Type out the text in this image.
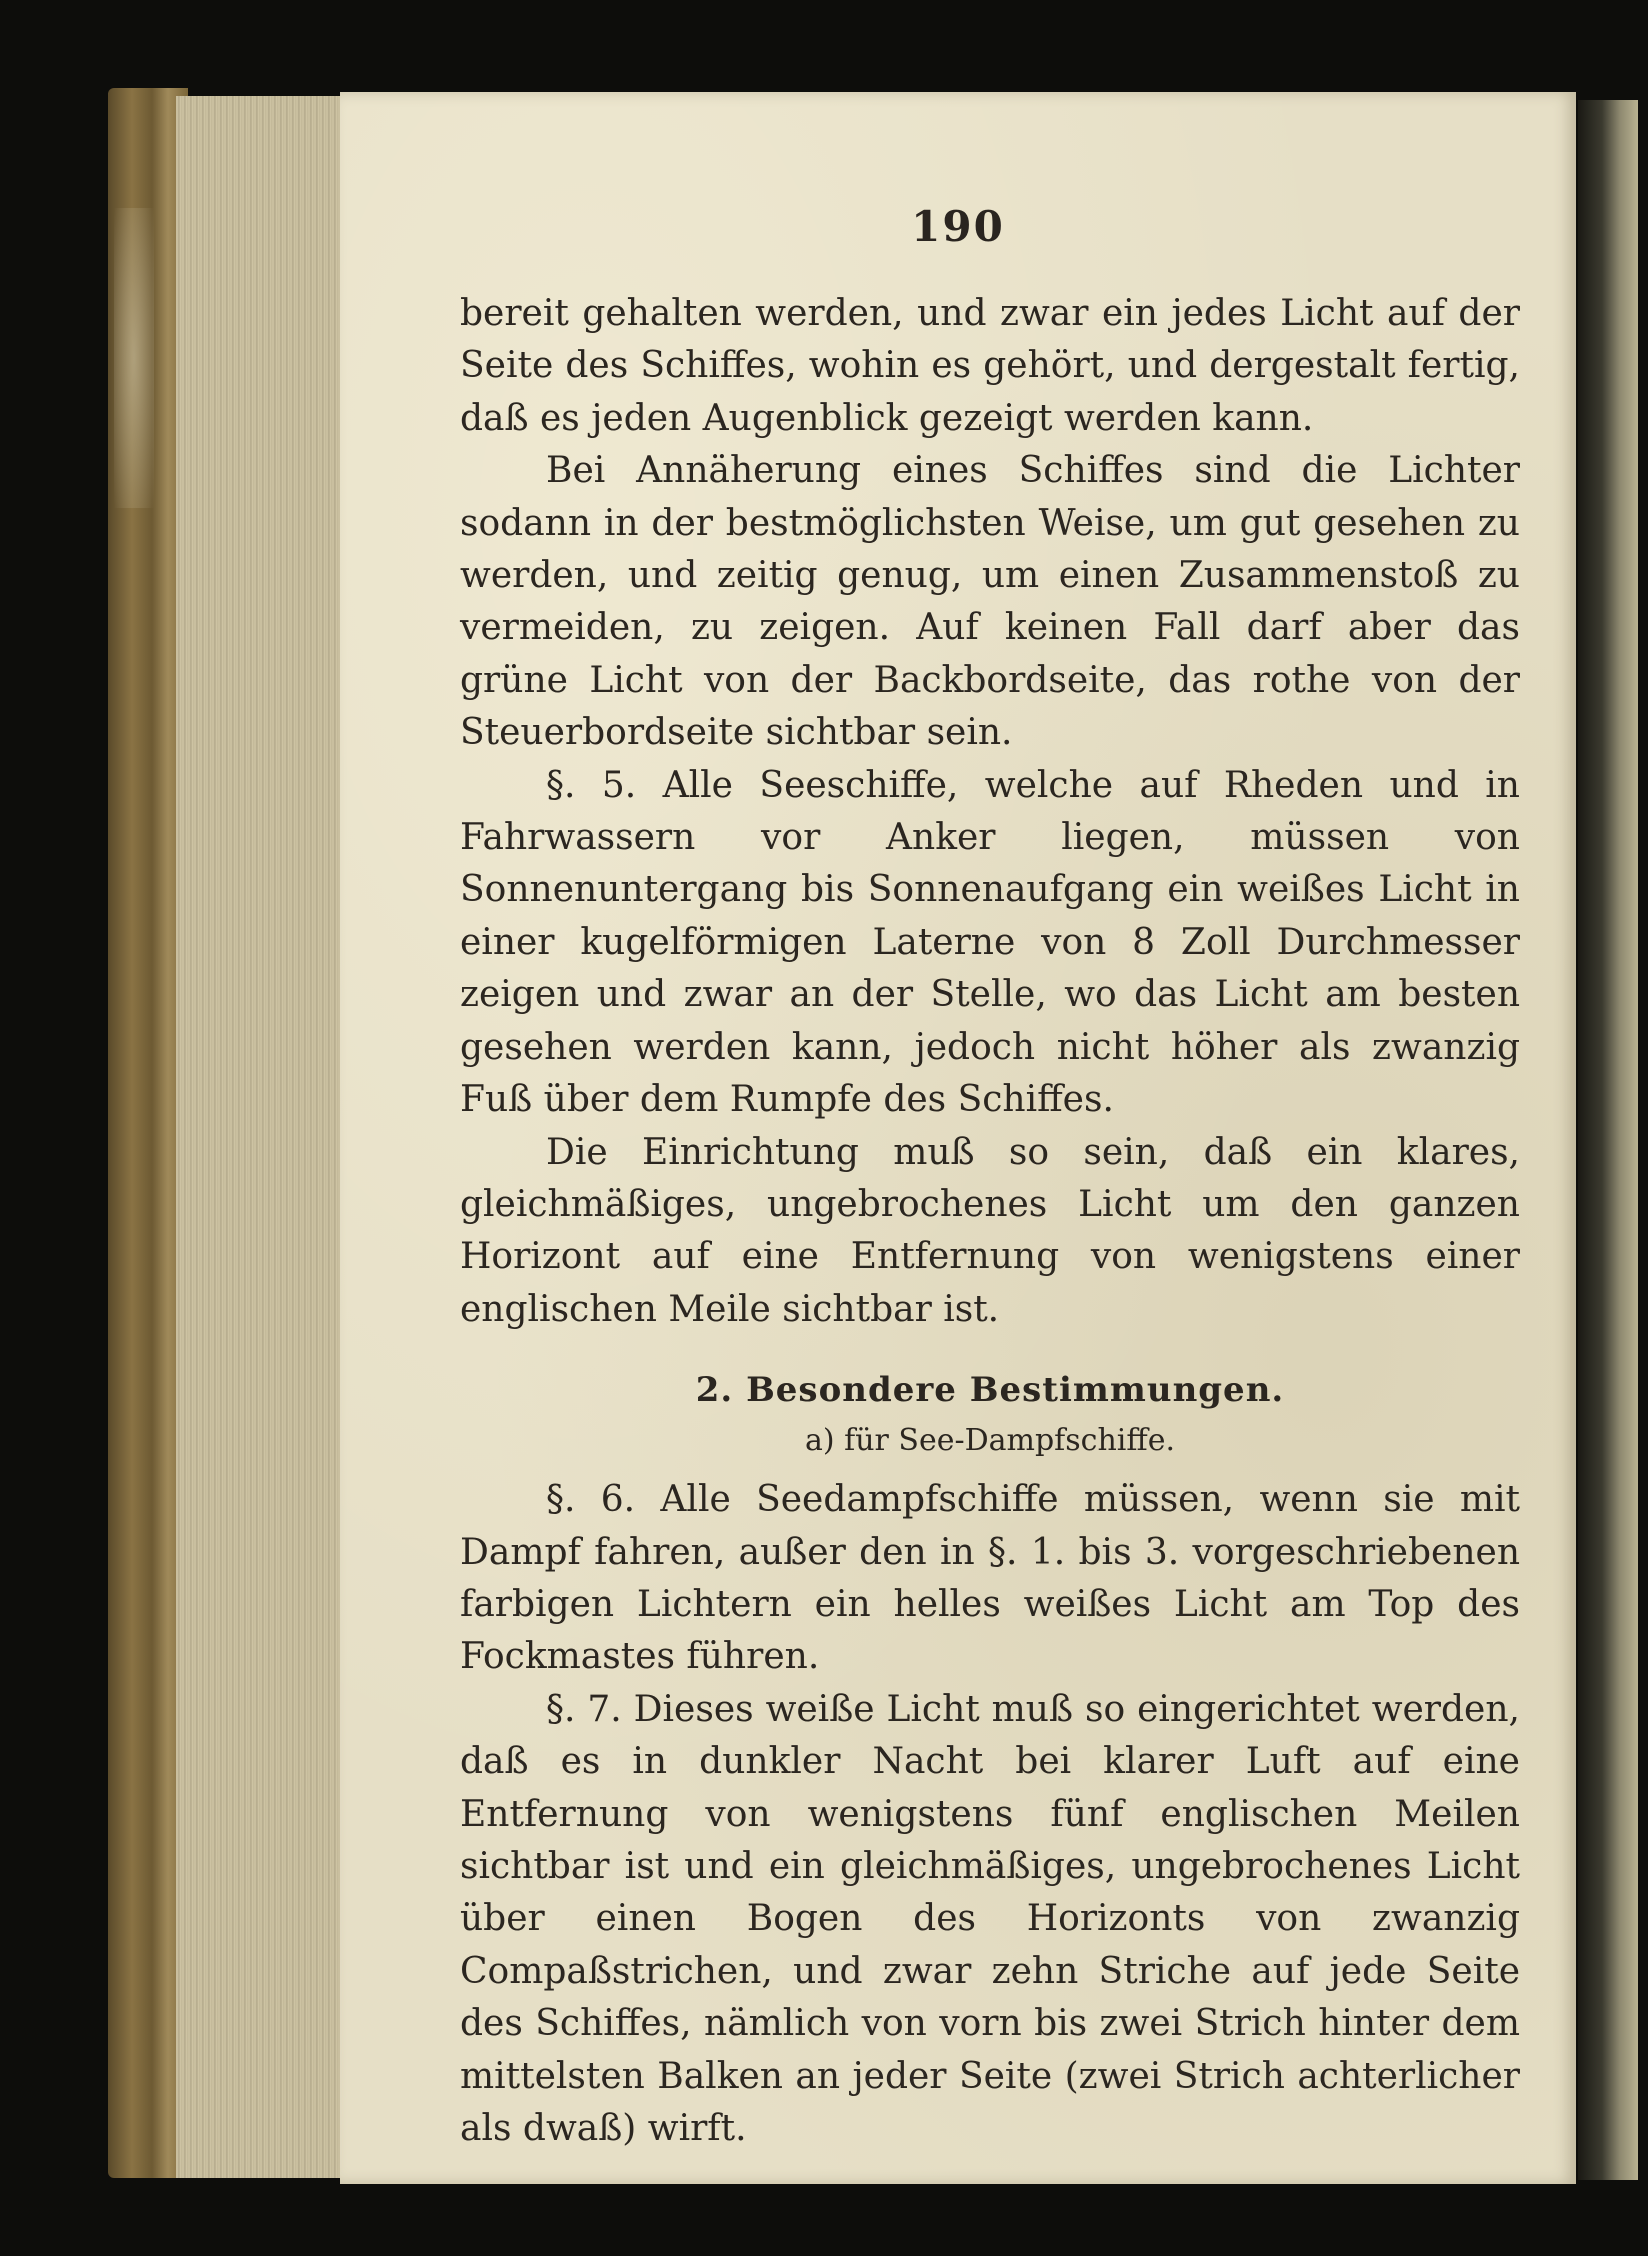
190

bereit gehalten werden, und zwar ein jedes Licht auf der Seite des Schiffes, wohin es gehört, und dergestalt fertig, daß es jeden Augenblick gezeigt werden kann.

Bei Annäherung eines Schiffes sind die Lichter sodann in der bestmöglichsten Weise, um gut gesehen zu werden, und zeitig genug, um einen Zusammenstoß zu vermeiden, zu zeigen. Auf keinen Fall darf aber das grüne Licht von der Backbordseite, das rothe von der Steuerbordseite sichtbar sein.

§. 5. Alle Seeschiffe, welche auf Rheden und in Fahrwassern vor Anker liegen, müssen von Sonnenuntergang bis Sonnenaufgang ein weißes Licht in einer kugelförmigen Laterne von 8 Zoll Durchmesser zeigen und zwar an der Stelle, wo das Licht am besten gesehen werden kann, jedoch nicht höher als zwanzig Fuß über dem Rumpfe des Schiffes.

Die Einrichtung muß so sein, daß ein klares, gleichmäßiges, ungebrochenes Licht um den ganzen Horizont auf eine Entfernung von wenigstens einer englischen Meile sichtbar ist.

2. Besondere Bestimmungen.
a) für See-Dampfschiffe.

§. 6. Alle Seedampfschiffe müssen, wenn sie mit Dampf fahren, außer den in §. 1. bis 3. vorgeschriebenen farbigen Lichtern ein helles weißes Licht am Top des Fockmastes führen.

§. 7. Dieses weiße Licht muß so eingerichtet werden, daß es in dunkler Nacht bei klarer Luft auf eine Entfernung von wenigstens fünf englischen Meilen sichtbar ist und ein gleichmäßiges, ungebrochenes Licht über einen Bogen des Horizonts von zwanzig Compaßstrichen, und zwar zehn Striche auf jede Seite des Schiffes, nämlich von vorn bis zwei Strich hinter dem mittelsten Balken an jeder Seite (zwei Strich achterlicher als dwaß) wirft.
